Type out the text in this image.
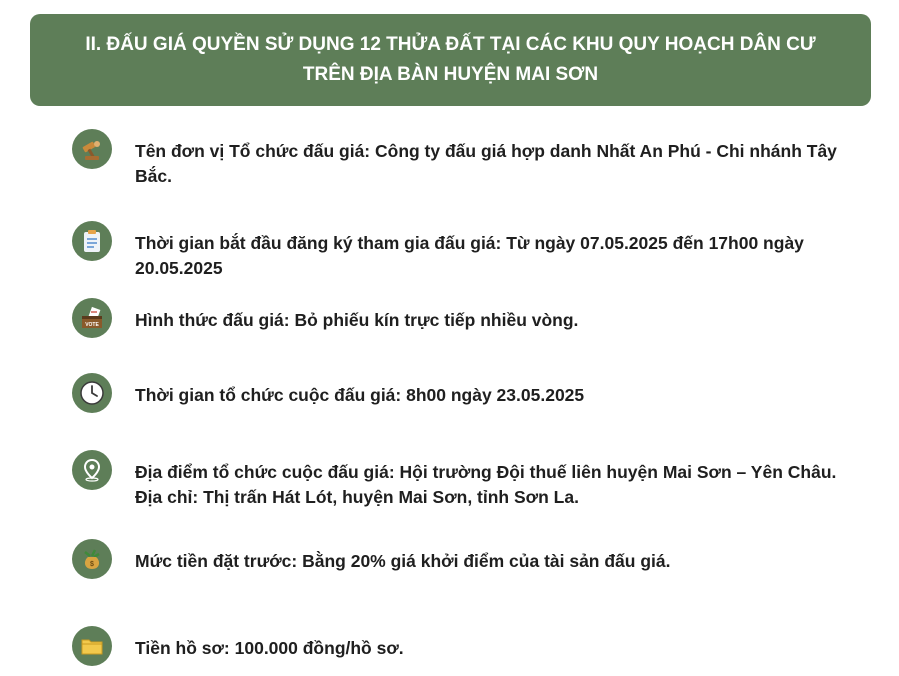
II. ĐẤU GIÁ QUYỀN SỬ DỤNG 12 THỬA ĐẤT TẠI CÁC KHU QUY HOẠCH DÂN CƯ
TRÊN ĐỊA BÀN HUYỆN MAI SƠN

Tên đơn vị Tổ chức đấu giá: Công ty đấu giá hợp danh Nhất An Phú - Chi nhánh Tây Bắc.
Thời gian bắt đầu đăng ký tham gia đấu giá: Từ ngày 07.05.2025 đến 17h00 ngày 20.05.2025
VOTE Hình thức đấu giá: Bỏ phiếu kín trực tiếp nhiều vòng.
Thời gian tổ chức cuộc đấu giá: 8h00 ngày 23.05.2025
Địa điểm tổ chức cuộc đấu giá: Hội trường Đội thuế liên huyện Mai Sơn – Yên Châu. Địa chỉ: Thị trấn Hát Lót, huyện Mai Sơn, tỉnh Sơn La.
$ Mức tiền đặt trước: Bằng 20% giá khởi điểm của tài sản đấu giá.
Tiền hồ sơ: 100.000 đồng/hồ sơ.
